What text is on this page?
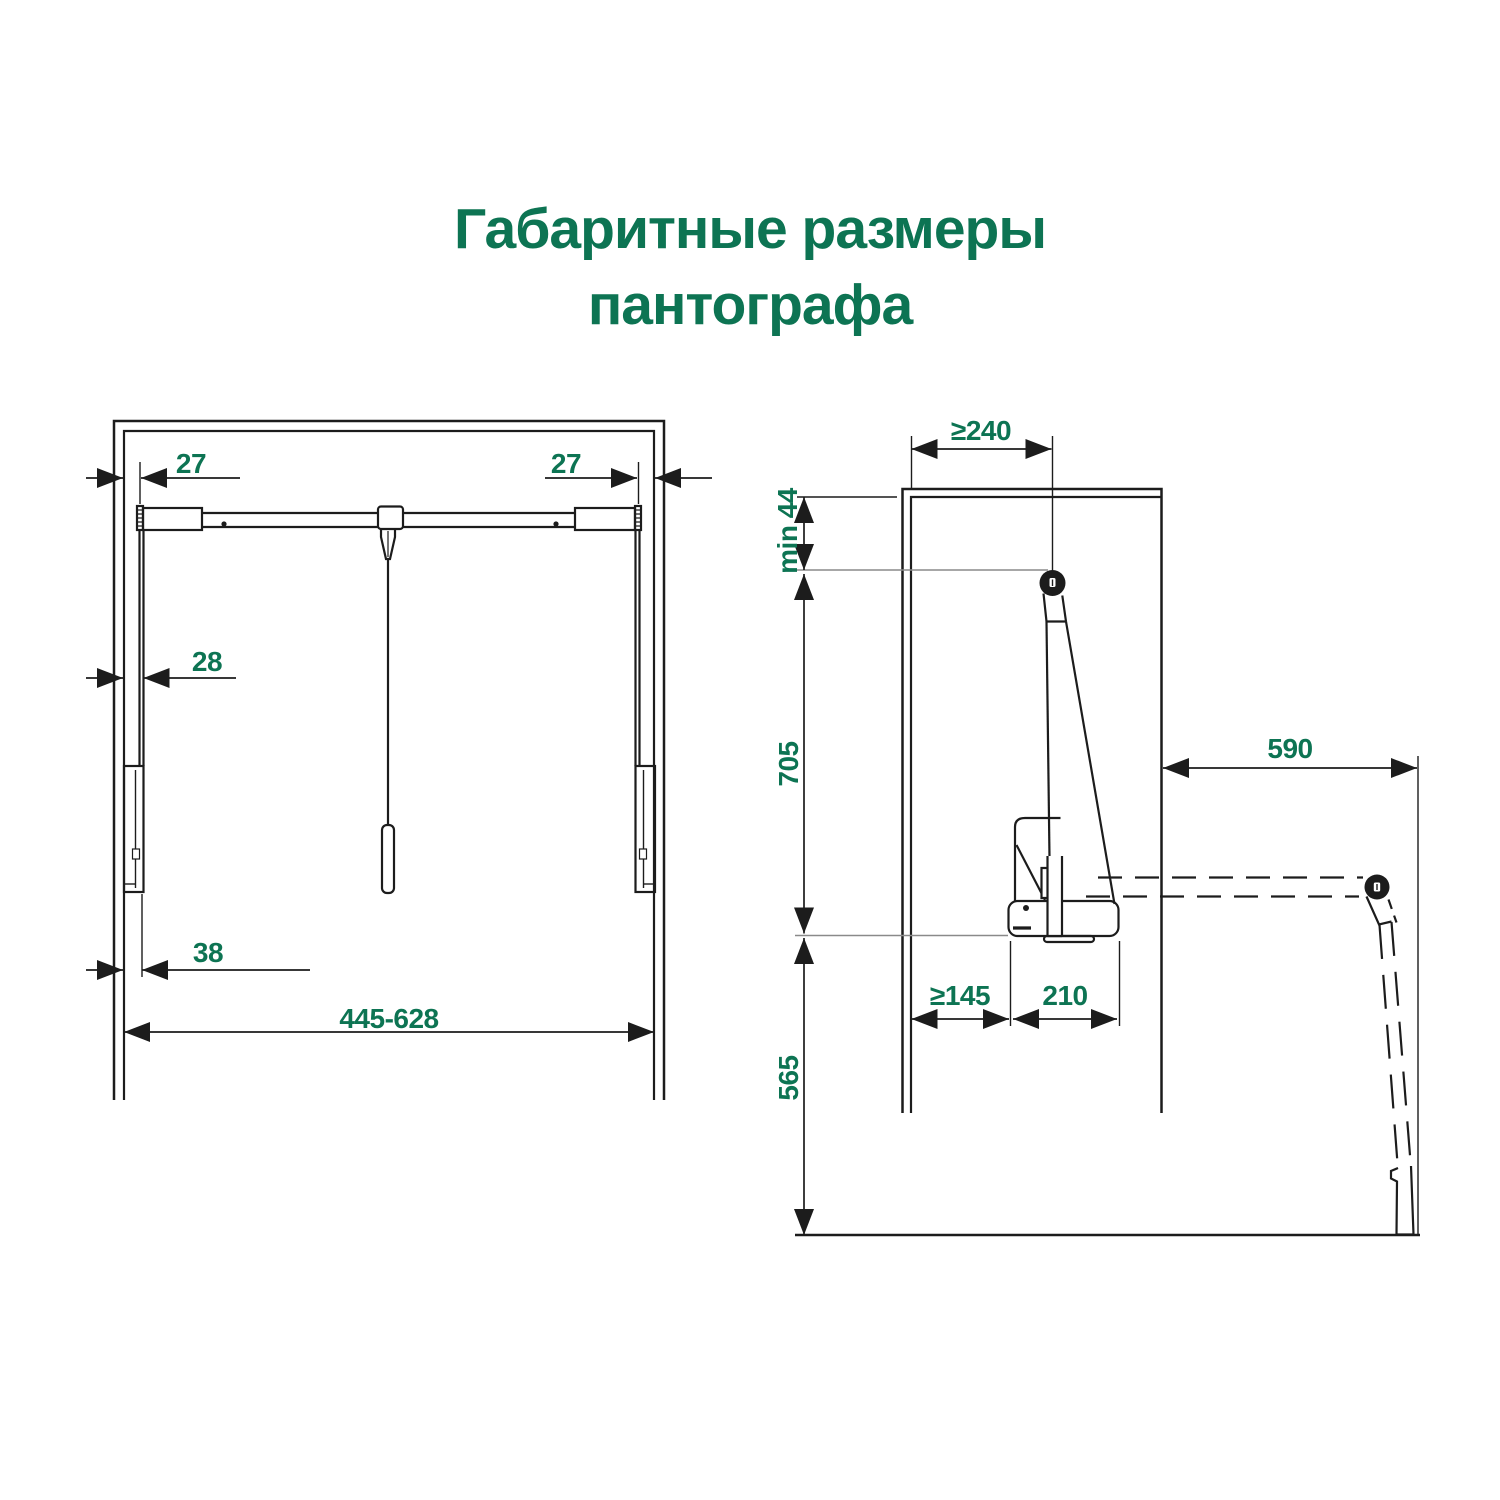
Габаритные размеры
пантографа
27	27
28
38
445-628
≥240
min 44
705
565
590
≥145 210
